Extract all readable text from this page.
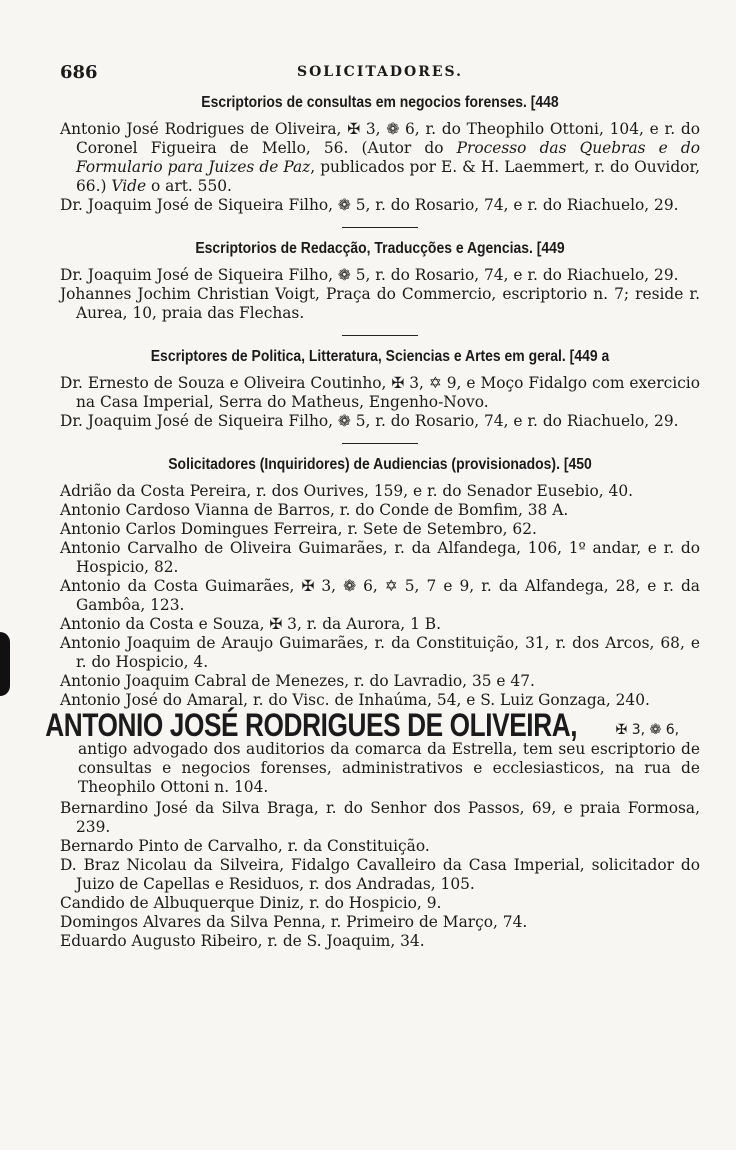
686	SOLICITADORES.
Escriptorios de consultas em negocios forenses. [448

Antonio José Rodrigues de Oliveira, ✠ 3, ❁ 6, r. do Theophilo Ottoni, 104, e r. do Coronel Figueira de Mello, 56. (Autor do Processo das Quebras e do Formulario para Juizes de Paz, publicados por E. & H. Laemmert, r. do Ouvidor, 66.) Vide o art. 550.

Dr. Joaquim José de Siqueira Filho, ❁ 5, r. do Rosario, 74, e r. do Riachuelo, 29.

Escriptorios de Redacção, Traducções e Agencias. [449

Dr. Joaquim José de Siqueira Filho, ❁ 5, r. do Rosario, 74, e r. do Riachuelo, 29.

Johannes Jochim Christian Voigt, Praça do Commercio, escriptorio n. 7; reside r. Aurea, 10, praia das Flechas.

Escriptores de Politica, Litteratura, Sciencias e Artes em geral. [449 a

Dr. Ernesto de Souza e Oliveira Coutinho, ✠ 3, ✡ 9, e Moço Fidalgo com exercicio na Casa Imperial, Serra do Matheus, Engenho-Novo.

Dr. Joaquim José de Siqueira Filho, ❁ 5, r. do Rosario, 74, e r. do Riachuelo, 29.

Solicitadores (Inquiridores) de Audiencias (provisionados). [450

Adrião da Costa Pereira, r. dos Ourives, 159, e r. do Senador Eusebio, 40.

Antonio Cardoso Vianna de Barros, r. do Conde de Bomfim, 38 A.

Antonio Carlos Domingues Ferreira, r. Sete de Setembro, 62.

Antonio Carvalho de Oliveira Guimarães, r. da Alfandega, 106, 1º andar, e r. do Hospicio, 82.

Antonio da Costa Guimarães, ✠ 3, ❁ 6, ✡ 5, 7 e 9, r. da Alfandega, 28, e r. da Gambôa, 123.

Antonio da Costa e Souza, ✠ 3, r. da Aurora, 1 B.

Antonio Joaquim de Araujo Guimarães, r. da Constituição, 31, r. dos Arcos, 68, e r. do Hospicio, 4.

Antonio Joaquim Cabral de Menezes, r. do Lavradio, 35 e 47.

Antonio José do Amaral, r. do Visc. de Inhaúma, 54, e S. Luiz Gonzaga, 240.

ANTONIO JOSÉ RODRIGUES DE OLIVEIRA,	✠ 3, ❁ 6,
antigo advogado dos auditorios da comarca da Estrella, tem seu escriptorio de consultas e negocios forenses, administrativos e ecclesiasticos, na rua de Theophilo Ottoni n. 104.

Bernardino José da Silva Braga, r. do Senhor dos Passos, 69, e praia Formosa, 239.

Bernardo Pinto de Carvalho, r. da Constituição.

D. Braz Nicolau da Silveira, Fidalgo Cavalleiro da Casa Imperial, solicitador do Juizo de Capellas e Residuos, r. dos Andradas, 105.

Candido de Albuquerque Diniz, r. do Hospicio, 9.

Domingos Alvares da Silva Penna, r. Primeiro de Março, 74.

Eduardo Augusto Ribeiro, r. de S. Joaquim, 34.
